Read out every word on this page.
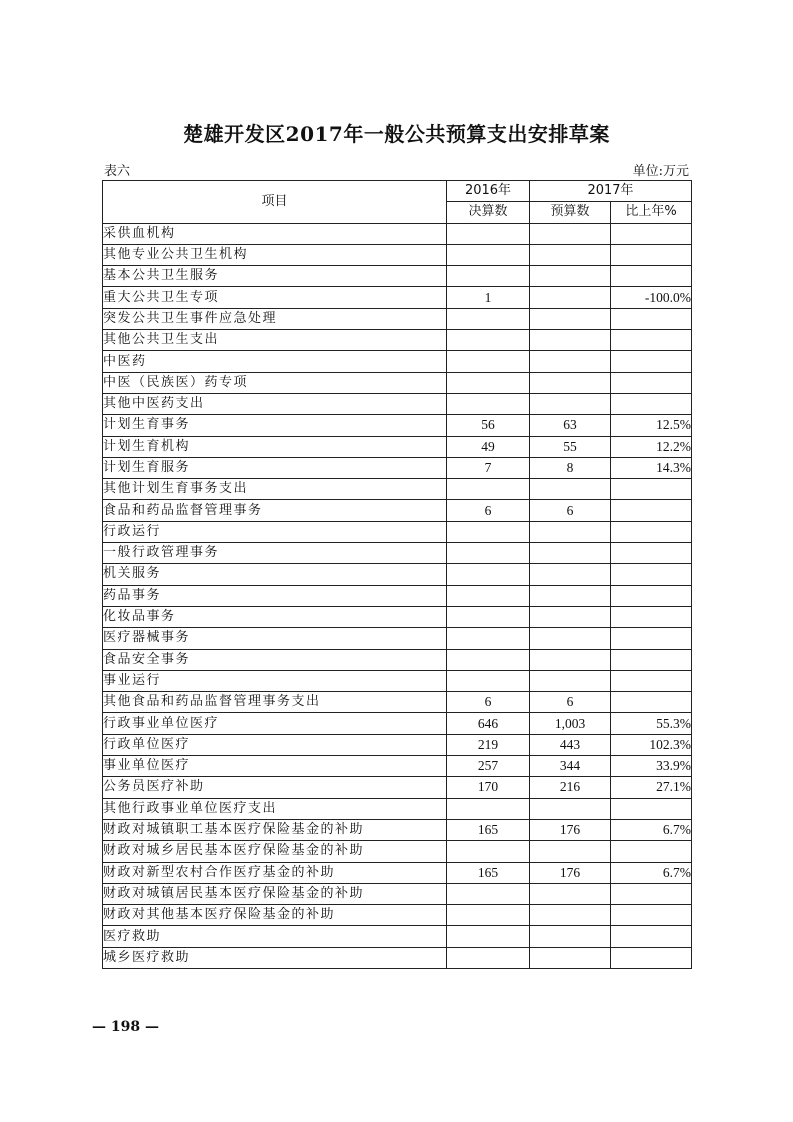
楚雄开发区2017年一般公共预算支出安排草案
表六	单位:万元
项目	2016年	2017年	
	决算数	预算数	比上年%
采供血机构			
其他专业公共卫生机构			
基本公共卫生服务			
重大公共卫生专项	1		-100.0%
突发公共卫生事件应急处理			
其他公共卫生支出			
中医药			
中医（民族医）药专项			
其他中医药支出			
计划生育事务	56	63	12.5%
计划生育机构	49	55	12.2%
计划生育服务	7	8	14.3%
其他计划生育事务支出			
食品和药品监督管理事务	6	6	
行政运行			
一般行政管理事务			
机关服务			
药品事务			
化妆品事务			
医疗器械事务			
食品安全事务			
事业运行			
其他食品和药品监督管理事务支出	6	6	
行政事业单位医疗	646	1,003	55.3%
行政单位医疗	219	443	102.3%
事业单位医疗	257	344	33.9%
公务员医疗补助	170	216	27.1%
其他行政事业单位医疗支出			
财政对城镇职工基本医疗保险基金的补助	165	176	6.7%
财政对城乡居民基本医疗保险基金的补助			
财政对新型农村合作医疗基金的补助	165	176	6.7%
财政对城镇居民基本医疗保险基金的补助			
财政对其他基本医疗保险基金的补助			
医疗救助			
城乡医疗救助			
— 198 —
